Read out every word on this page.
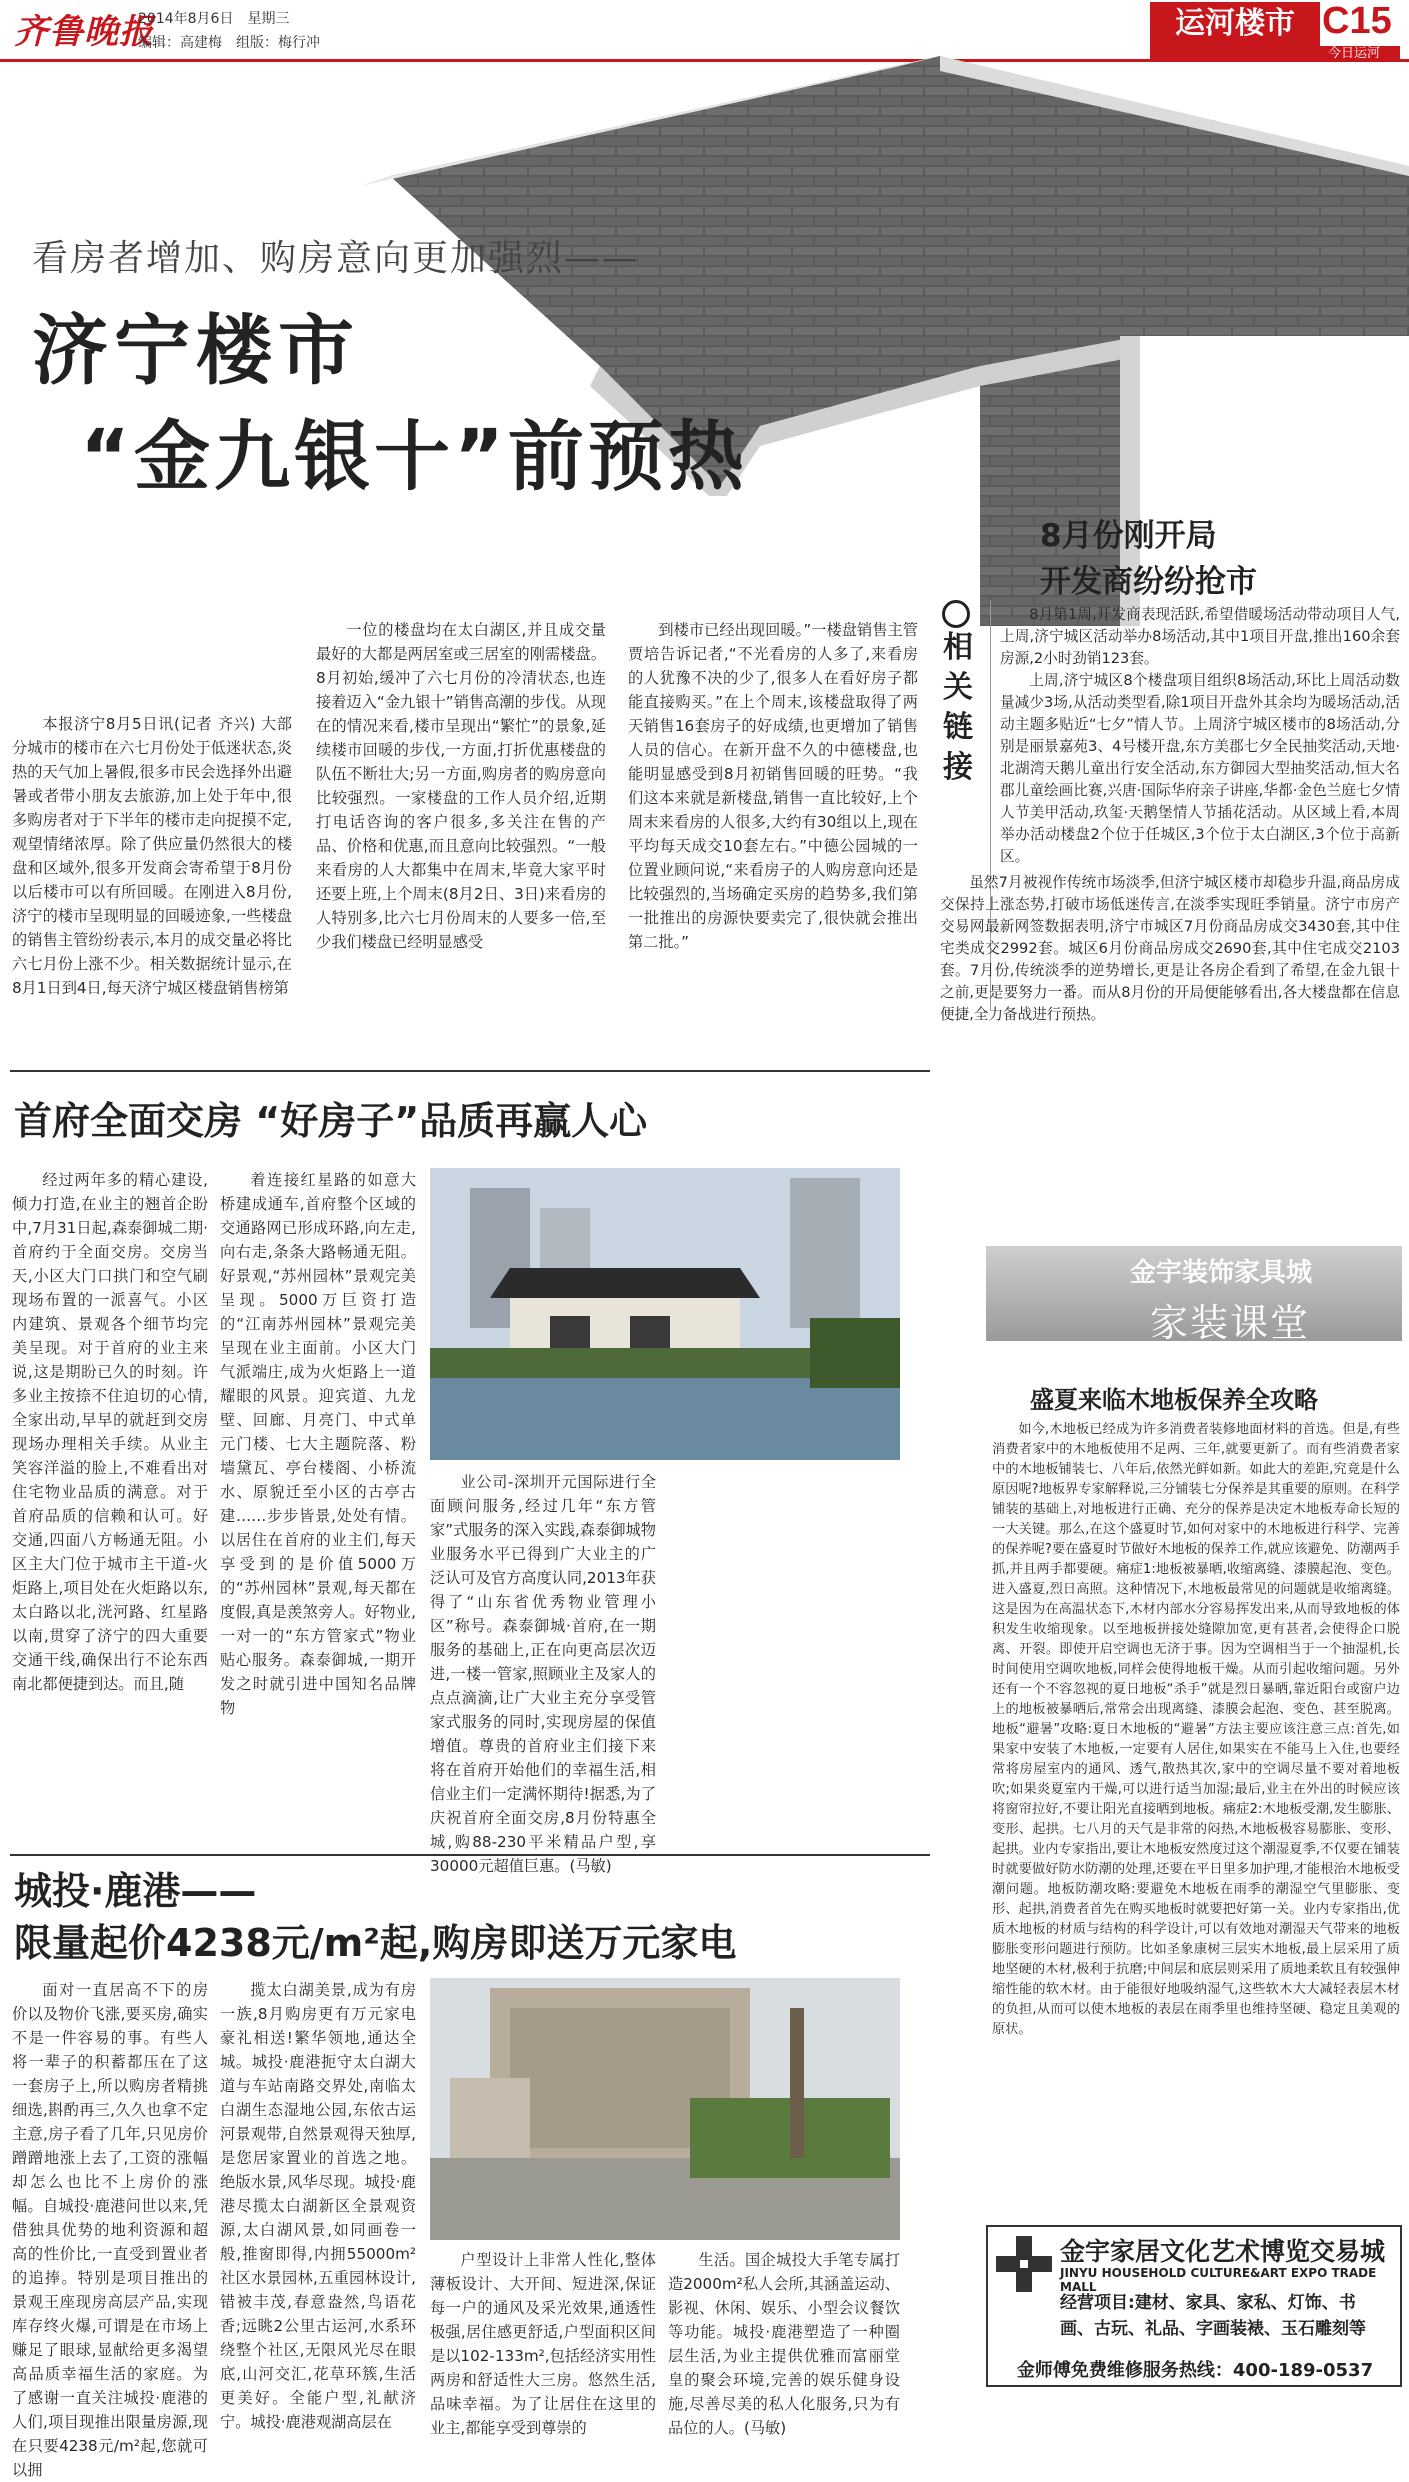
齐鲁晚报
2014年8月6日　星期三
编辑：高建梅　组版：梅行冲
运河楼市 C15
今日运河
看房者增加、购房意向更加强烈——
济宁楼市
“金九银十”前预热

本报济宁8月5日讯(记者 齐兴) 大部分城市的楼市在六七月份处于低迷状态,炎热的天气加上暑假,很多市民会选择外出避暑或者带小朋友去旅游,加上处于年中,很多购房者对于下半年的楼市走向捉摸不定,观望情绪浓厚。除了供应量仍然很大的楼盘和区域外,很多开发商会寄希望于8月份以后楼市可以有所回暖。在刚进入8月份,济宁的楼市呈现明显的回暖迹象,一些楼盘的销售主管纷纷表示,本月的成交量必将比六七月份上涨不少。相关数据统计显示,在8月1日到4日,每天济宁城区楼盘销售榜第

一位的楼盘均在太白湖区,并且成交量最好的大都是两居室或三居室的刚需楼盘。8月初始,缓冲了六七月份的冷清状态,也连接着迈入“金九银十”销售高潮的步伐。从现在的情况来看,楼市呈现出“繁忙”的景象,延续楼市回暖的步伐,一方面,打折优惠楼盘的队伍不断壮大;另一方面,购房者的购房意向比较强烈。一家楼盘的工作人员介绍,近期打电话咨询的客户很多,多关注在售的产品、价格和优惠,而且意向比较强烈。“一般来看房的人大都集中在周末,毕竟大家平时还要上班,上个周末(8月2日、3日)来看房的人特别多,比六七月份周末的人要多一倍,至少我们楼盘已经明显感受

到楼市已经出现回暖。”一楼盘销售主管贾培告诉记者,“不光看房的人多了,来看房的人犹豫不决的少了,很多人在看好房子都能直接购买。”在上个周末,该楼盘取得了两天销售16套房子的好成绩,也更增加了销售人员的信心。在新开盘不久的中德楼盘,也能明显感受到8月初销售回暖的旺势。“我们这本来就是新楼盘,销售一直比较好,上个周末来看房的人很多,大约有30组以上,现在平均每天成交10套左右。”中德公园城的一位置业顾问说,“来看房子的人购房意向还是比较强烈的,当场确定买房的趋势多,我们第一批推出的房源快要卖完了,很快就会推出第二批。”

8月份刚开局
开发商纷纷抢市
相关链接

8月第1周,开发商表现活跃,希望借暖场活动带动项目人气,上周,济宁城区活动举办8场活动,其中1项目开盘,推出160余套房源,2小时劲销123套。

上周,济宁城区8个楼盘项目组织8场活动,环比上周活动数量减少3场,从活动类型看,除1项目开盘外其余均为暖场活动,活动主题多贴近“七夕”情人节。上周济宁城区楼市的8场活动,分别是丽景嘉苑3、4号楼开盘,东方美郡七夕全民抽奖活动,天地·北湖湾天鹅儿童出行安全活动,东方御园大型抽奖活动,恒大名郡儿童绘画比赛,兴唐·国际华府亲子讲座,华都·金色兰庭七夕情人节美甲活动,玖玺·天鹅堡情人节插花活动。从区域上看,本周举办活动楼盘2个位于任城区,3个位于太白湖区,3个位于高新区。

虽然7月被视作传统市场淡季,但济宁城区楼市却稳步升温,商品房成交保持上涨态势,打破市场低迷传言,在淡季实现旺季销量。济宁市房产交易网最新网签数据表明,济宁市城区7月份商品房成交3430套,其中住宅类成交2992套。城区6月份商品房成交2690套,其中住宅成交2103套。7月份,传统淡季的逆势增长,更是让各房企看到了希望,在金九银十之前,更是要努力一番。而从8月份的开局便能够看出,各大楼盘都在信息便捷,全力备战进行预热。

首府全面交房 “好房子”品质再赢人心

经过两年多的精心建设,倾力打造,在业主的翘首企盼中,7月31日起,森泰御城二期·首府约于全面交房。交房当天,小区大门口拱门和空气刷现场布置的一派喜气。小区内建筑、景观各个细节均完美呈现。对于首府的业主来说,这是期盼已久的时刻。许多业主按捺不住迫切的心情,全家出动,早早的就赶到交房现场办理相关手续。从业主笑容洋溢的脸上,不难看出对住宅物业品质的满意。对于首府品质的信赖和认可。好交通,四面八方畅通无阻。小区主大门位于城市主干道-火炬路上,项目处在火炬路以东,太白路以北,洸河路、红星路以南,贯穿了济宁的四大重要交通干线,确保出行不论东西南北都便捷到达。而且,随

着连接红星路的如意大桥建成通车,首府整个区域的交通路网已形成环路,向左走,向右走,条条大路畅通无阻。好景观,“苏州园林”景观完美呈现。5000万巨资打造的“江南苏州园林”景观完美呈现在业主面前。小区大门气派端庄,成为火炬路上一道耀眼的风景。迎宾道、九龙壁、回廊、月亮门、中式单元门楼、七大主题院落、粉墙黛瓦、亭台楼阁、小桥流水、原貌迁至小区的古亭古建……步步皆景,处处有情。以居住在首府的业主们,每天享受到的是价值5000万的“苏州园林”景观,每天都在度假,真是羡煞旁人。好物业,一对一的“东方管家式”物业贴心服务。森泰御城,一期开发之时就引进中国知名品牌物

业公司-深圳开元国际进行全面顾问服务,经过几年“东方管家”式服务的深入实践,森泰御城物业服务水平已得到广大业主的广泛认可及官方高度认同,2013年获得了“山东省优秀物业管理小区”称号。森泰御城·首府,在一期服务的基础上,正在向更高层次迈进,一楼一管家,照顾业主及家人的点点滴滴,让广大业主充分享受管家式服务的同时,实现房屋的保值增值。尊贵的首府业主们接下来将在首府开始他们的幸福生活,相信业主们一定满怀期待!据悉,为了庆祝首府全面交房,8月份特惠全城,购88-230平米精品户型,享30000元超值巨惠。(马敏)

城投·鹿港——
限量起价4238元/m²起,购房即送万元家电

面对一直居高不下的房价以及物价飞涨,要买房,确实不是一件容易的事。有些人将一辈子的积蓄都压在了这一套房子上,所以购房者精挑细选,斟酌再三,久久也拿不定主意,房子看了几年,只见房价蹭蹭地涨上去了,工资的涨幅却怎么也比不上房价的涨幅。自城投·鹿港问世以来,凭借独具优势的地利资源和超高的性价比,一直受到置业者的追捧。特别是项目推出的景观王座现房高层产品,实现库存终火爆,可谓是在市场上赚足了眼球,显献给更多渴望高品质幸福生活的家庭。为了感谢一直关注城投·鹿港的人们,项目现推出限量房源,现在只要4238元/m²起,您就可以拥

揽太白湖美景,成为有房一族,8月购房更有万元家电豪礼相送!繁华领地,通达全城。城投·鹿港扼守太白湖大道与车站南路交界处,南临太白湖生态湿地公园,东依古运河景观带,自然景观得天独厚,是您居家置业的首选之地。绝版水景,风华尽现。城投·鹿港尽揽太白湖新区全景观资源,太白湖风景,如同画卷一般,推窗即得,内拥55000m²社区水景园林,五重园林设计,错被丰茂,春意盎然,鸟语花香;远眺2公里古运河,水系环绕整个社区,无限风光尽在眼底,山河交汇,花草环簇,生活更美好。全能户型,礼献济宁。城投·鹿港观湖高层在

户型设计上非常人性化,整体薄板设计、大开间、短进深,保证每一户的通风及采光效果,通透性极强,居住感更舒适,户型面积区间是以102-133m²,包括经济实用性两房和舒适性大三房。悠然生活,品味幸福。为了让居住在这里的业主,都能享受到尊崇的

生活。国企城投大手笔专属打造2000m²私人会所,其涵盖运动、影视、休闲、娱乐、小型会议餐饮等功能。城投·鹿港塑造了一种圈层生活,为业主提供优雅而富丽堂皇的聚会环境,完善的娱乐健身设施,尽善尽美的私人化服务,只为有品位的人。(马敏)

金宇装饰家具城
家装课堂
盛夏来临木地板保养全攻略

如今,木地板已经成为许多消费者装修地面材料的首选。但是,有些消费者家中的木地板使用不足两、三年,就要更新了。而有些消费者家中的木地板铺装七、八年后,依然光鲜如新。如此大的差距,究竟是什么原因呢?地板界专家解释说,三分铺装七分保养是其重要的原则。在科学铺装的基础上,对地板进行正确、充分的保养是决定木地板寿命长短的一大关键。那么,在这个盛夏时节,如何对家中的木地板进行科学、完善的保养呢?要在盛夏时节做好木地板的保养工作,就应该避免、防潮两手抓,并且两手都要硬。痛症1:地板被暴晒,收缩离缝、漆膜起泡、变色。进入盛夏,烈日高照。这种情况下,木地板最常见的问题就是收缩离缝。这是因为在高温状态下,木材内部水分容易挥发出来,从而导致地板的体积发生收缩现象。以至地板拼接处缝隙加宽,更有甚者,会使得企口脱离、开裂。即使开启空调也无济于事。因为空调相当于一个抽湿机,长时间使用空调吹地板,同样会使得地板干燥。从而引起收缩问题。另外还有一个不容忽视的夏日地板“杀手”就是烈日暴晒,靠近阳台或窗户边上的地板被暴晒后,常常会出现离缝、漆膜会起泡、变色、甚至脱离。地板“避暑”攻略:夏日木地板的“避暑”方法主要应该注意三点:首先,如果家中安装了木地板,一定要有人居住,如果实在不能马上入住,也要经常将房屋室内的通风、透气,散热其次,家中的空调尽量不要对着地板吹;如果炎夏室内干燥,可以进行适当加湿;最后,业主在外出的时候应该将窗帘拉好,不要让阳光直接晒到地板。痛症2:木地板受潮,发生膨胀、变形、起拱。七八月的天气是非常的闷热,木地板极容易膨胀、变形、起拱。业内专家指出,要让木地板安然度过这个潮湿夏季,不仅要在铺装时就要做好防水防潮的处理,还要在平日里多加护理,才能根治木地板受潮问题。地板防潮攻略:要避免木地板在雨季的潮湿空气里膨胀、变形、起拱,消费者首先在购买地板时就要把好第一关。业内专家指出,优质木地板的材质与结构的科学设计,可以有效地对潮湿天气带来的地板膨胀变形问题进行预防。比如圣象康树三层实木地板,最上层采用了质地坚硬的木材,极利于抗磨;中间层和底层则采用了质地柔软且有较强伸缩性能的软木材。由于能很好地吸纳湿气,这些软木大大减轻表层木材的负担,从而可以使木地板的表层在雨季里也维持坚硬、稳定且美观的原状。

金宇家居文化艺术博览交易城
JINYU HOUSEHOLD CULTURE&ART EXPO TRADE MALL
经营项目:建材、家具、家私、灯饰、书画、古玩、礼品、字画装裱、玉石雕刻等
金师傅免费维修服务热线：400-189-0537
